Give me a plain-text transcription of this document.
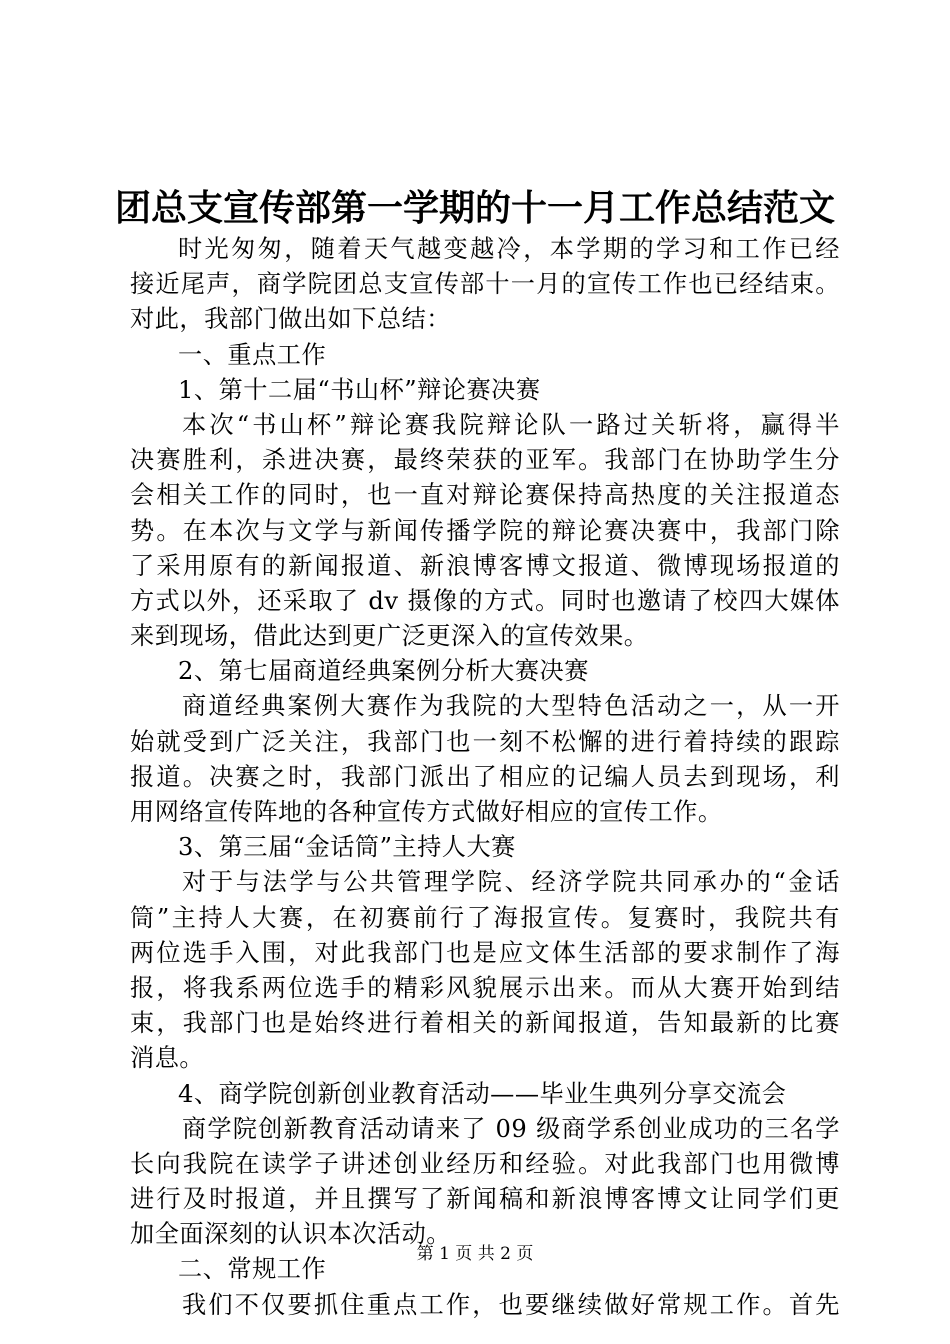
团总支宣传部第一学期的十一月工作总结范文
时光匆匆，随着天气越变越冷，本学期的学习和工作已经
接近尾声，商学院团总支宣传部十一月的宣传工作也已经结束。
对此，我部门做出如下总结：
一、重点工作
1、第十二届“书山杯”辩论赛决赛
本次“书山杯”辩论赛我院辩论队一路过关斩将，赢得半
决赛胜利，杀进决赛，最终荣获的亚军。我部门在协助学生分
会相关工作的同时，也一直对辩论赛保持高热度的关注报道态
势。在本次与文学与新闻传播学院的辩论赛决赛中，我部门除
了采用原有的新闻报道、新浪博客博文报道、微博现场报道的
方式以外，还采取了 dv 摄像的方式。同时也邀请了校四大媒体
来到现场，借此达到更广泛更深入的宣传效果。
2、第七届商道经典案例分析大赛决赛
商道经典案例大赛作为我院的大型特色活动之一，从一开
始就受到广泛关注，我部门也一刻不松懈的进行着持续的跟踪
报道。决赛之时，我部门派出了相应的记编人员去到现场，利
用网络宣传阵地的各种宣传方式做好相应的宣传工作。
3、第三届“金话筒”主持人大赛
对于与法学与公共管理学院、经济学院共同承办的“金话
筒”主持人大赛，在初赛前行了海报宣传。复赛时，我院共有
两位选手入围，对此我部门也是应文体生活部的要求制作了海
报，将我系两位选手的精彩风貌展示出来。而从大赛开始到结
束，我部门也是始终进行着相关的新闻报道，告知最新的比赛
消息。
4、商学院创新创业教育活动——毕业生典列分享交流会
商学院创新教育活动请来了 09 级商学系创业成功的三名学
长向我院在读学子讲述创业经历和经验。对此我部门也用微博
进行及时报道，并且撰写了新闻稿和新浪博客博文让同学们更
加全面深刻的认识本次活动。
二、常规工作
我们不仅要抓住重点工作，也要继续做好常规工作。首先
第 1 页 共 2 页
